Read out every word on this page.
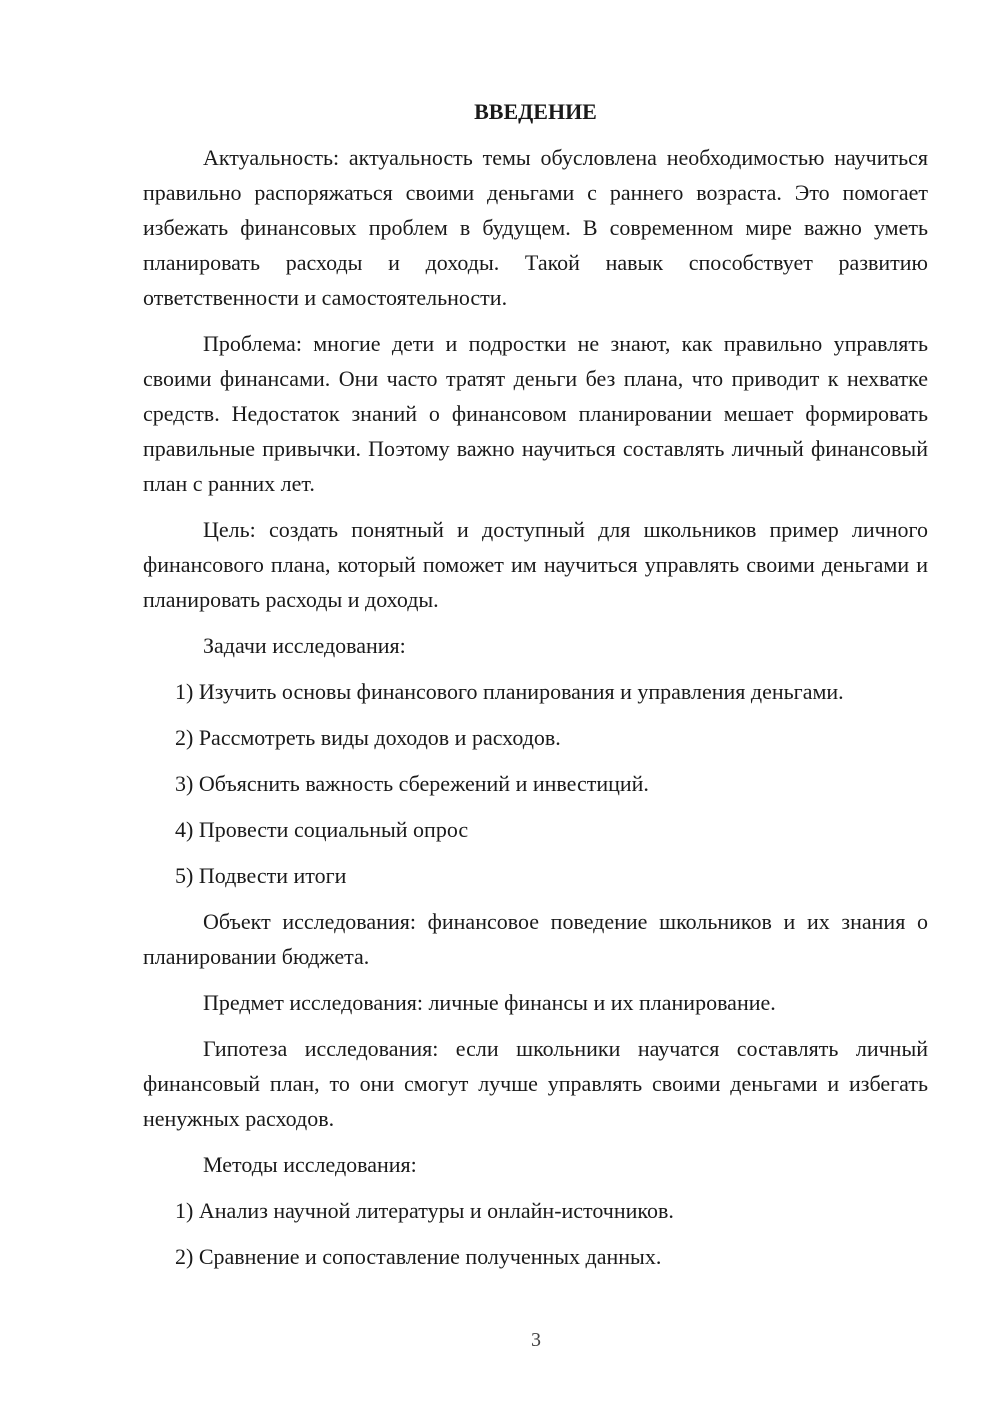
ВВЕДЕНИЕ

Актуальность: актуальность темы обусловлена необходимостью научиться правильно распоряжаться своими деньгами с раннего возраста. Это помогает избежать финансовых проблем в будущем. В современном мире важно уметь планировать расходы и доходы. Такой навык способствует развитию ответственности и самостоятельности.

Проблема: многие дети и подростки не знают, как правильно управлять своими финансами. Они часто тратят деньги без плана, что приводит к нехватке средств. Недостаток знаний о финансовом планировании мешает формировать правильные привычки. Поэтому важно научиться составлять личный финансовый план с ранних лет.

Цель: создать понятный и доступный для школьников пример личного финансового плана, который поможет им научиться управлять своими деньгами и планировать расходы и доходы.

Задачи исследования:

1) Изучить основы финансового планирования и управления деньгами.

2) Рассмотреть виды доходов и расходов.

3) Объяснить важность сбережений и инвестиций.

4) Провести социальный опрос

5) Подвести итоги

Объект исследования: финансовое поведение школьников и их знания о планировании бюджета.

Предмет исследования: личные финансы и их планирование.

Гипотеза исследования: если школьники научатся составлять личный финансовый план, то они смогут лучше управлять своими деньгами и избегать ненужных расходов.

Методы исследования:

1) Анализ научной литературы и онлайн-источников.

2) Сравнение и сопоставление полученных данных.

3
